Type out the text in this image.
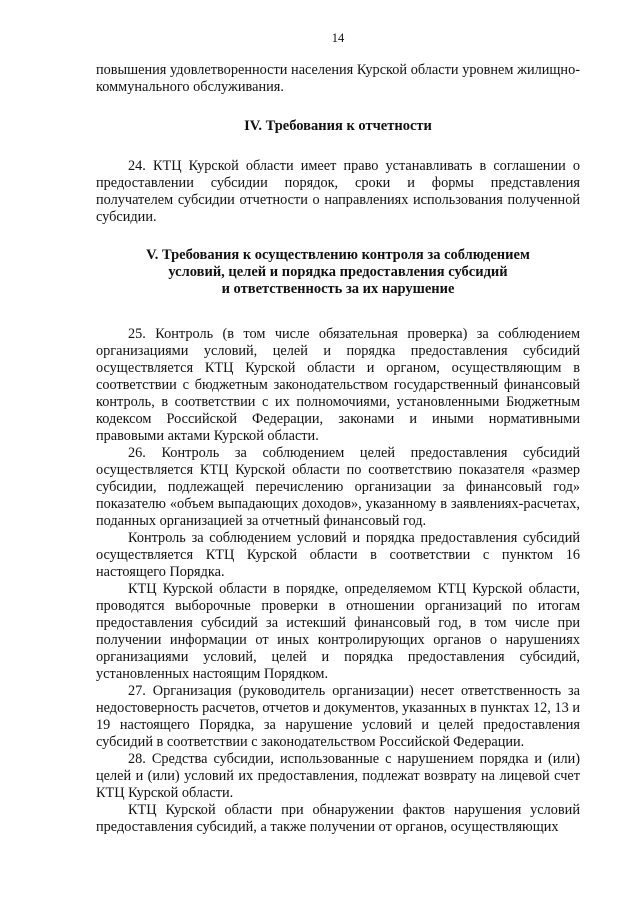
14

повышения удовлетворенности населения Курской области уровнем жилищно-коммунального обслуживания.

IV. Требования к отчетности

24. КТЦ Курской области имеет право устанавливать в соглашении о предоставлении субсидии порядок, сроки и формы представления получателем субсидии отчетности о направлениях использования полученной субсидии.

V. Требования к осуществлению контроля за соблюдением
условий, целей и порядка предоставления субсидий
и ответственность за их нарушение

25. Контроль (в том числе обязательная проверка) за соблюдением организациями условий, целей и порядка предоставления субсидий осуществляется КТЦ Курской области и органом, осуществляющим в соответствии с бюджетным законодательством государственный финансовый контроль, в соответствии с их полномочиями, установленными Бюджетным кодексом Российской Федерации, законами и иными нормативными правовыми актами Курской области.

26. Контроль за соблюдением целей предоставления субсидий осуществляется КТЦ Курской области по соответствию показателя «размер субсидии, подлежащей перечислению организации за финансовый год» показателю «объем выпадающих доходов», указанному в заявлениях-расчетах, поданных организацией за отчетный финансовый год.

Контроль за соблюдением условий и порядка предоставления субсидий осуществляется КТЦ Курской области в соответствии с пунктом 16 настоящего Порядка.

КТЦ Курской области в порядке, определяемом КТЦ Курской области, проводятся выборочные проверки в отношении организаций по итогам предоставления субсидий за истекший финансовый год, в том числе при получении информации от иных контролирующих органов о нарушениях организациями условий, целей и порядка предоставления субсидий, установленных настоящим Порядком.

27. Организация (руководитель организации) несет ответственность за недостоверность расчетов, отчетов и документов, указанных в пунктах 12, 13 и 19 настоящего Порядка, за нарушение условий и целей предоставления субсидий в соответствии с законодательством Российской Федерации.

28. Средства субсидии, использованные с нарушением порядка и (или) целей и (или) условий их предоставления, подлежат возврату на лицевой счет КТЦ Курской области.

КТЦ Курской области при обнаружении фактов нарушения условий предоставления субсидий, а также получении от органов, осуществляющих
